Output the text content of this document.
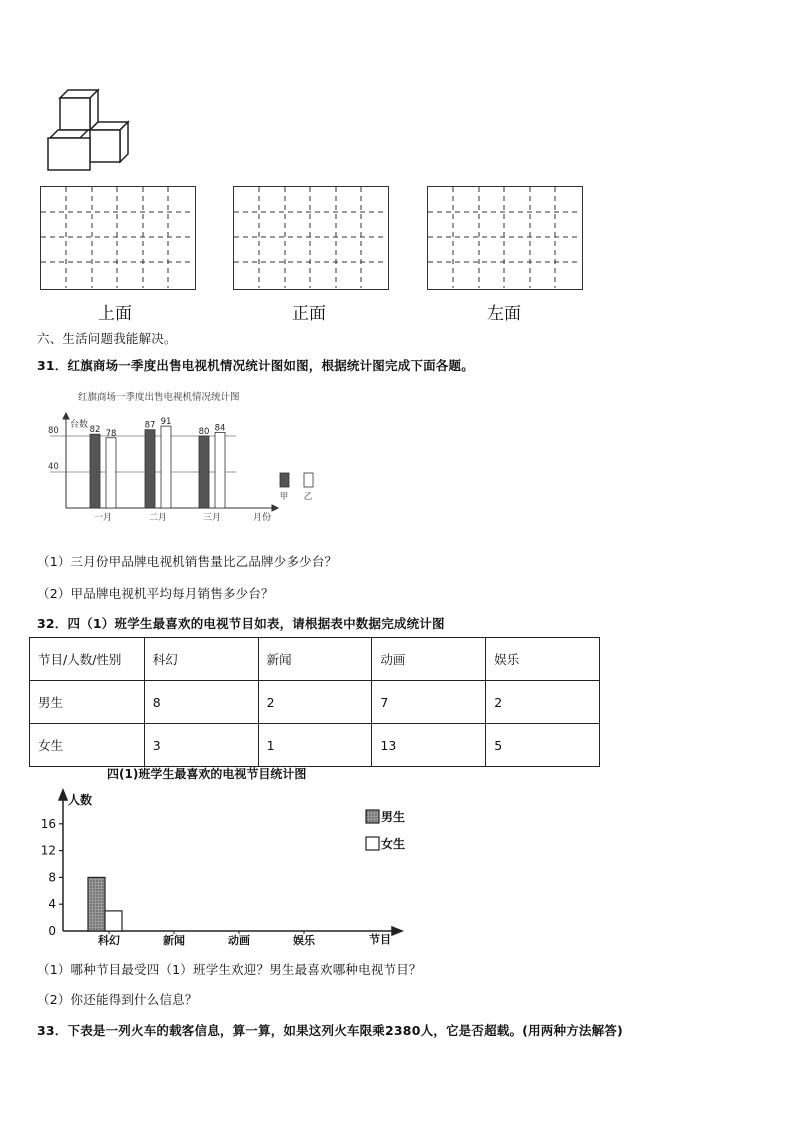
上面	正面	左面
六、生活问题我能解决。
31．红旗商场一季度出售电视机情况统计图如图，根据统计图完成下面各题。
红旗商场一季度出售电视机情况统计图
台数
40
80	82 78
一月
87 91
二月
80 84
三月	月份
甲 乙
（1）三月份甲品牌电视机销售量比乙品牌少多少台？
（2）甲品牌电视机平均每月销售多少台？
32．四（1）班学生最喜欢的电视节目如表，请根据表中数据完成统计图
节目/人数/性别	科幻	新闻	动画	娱乐
男生	8	2	7	2
女生	3	1	13	5
四(1)班学生最喜欢的电视节目统计图
人数
0
4
8
12
16
科幻	新闻	动画	娱乐	节目
男生
女生
（1）哪种节目最受四（1）班学生欢迎？男生最喜欢哪种电视节目？
（2）你还能得到什么信息？
33．下表是一列火车的载客信息，算一算，如果这列火车限乘2380人，它是否超载。(用两种方法解答)
